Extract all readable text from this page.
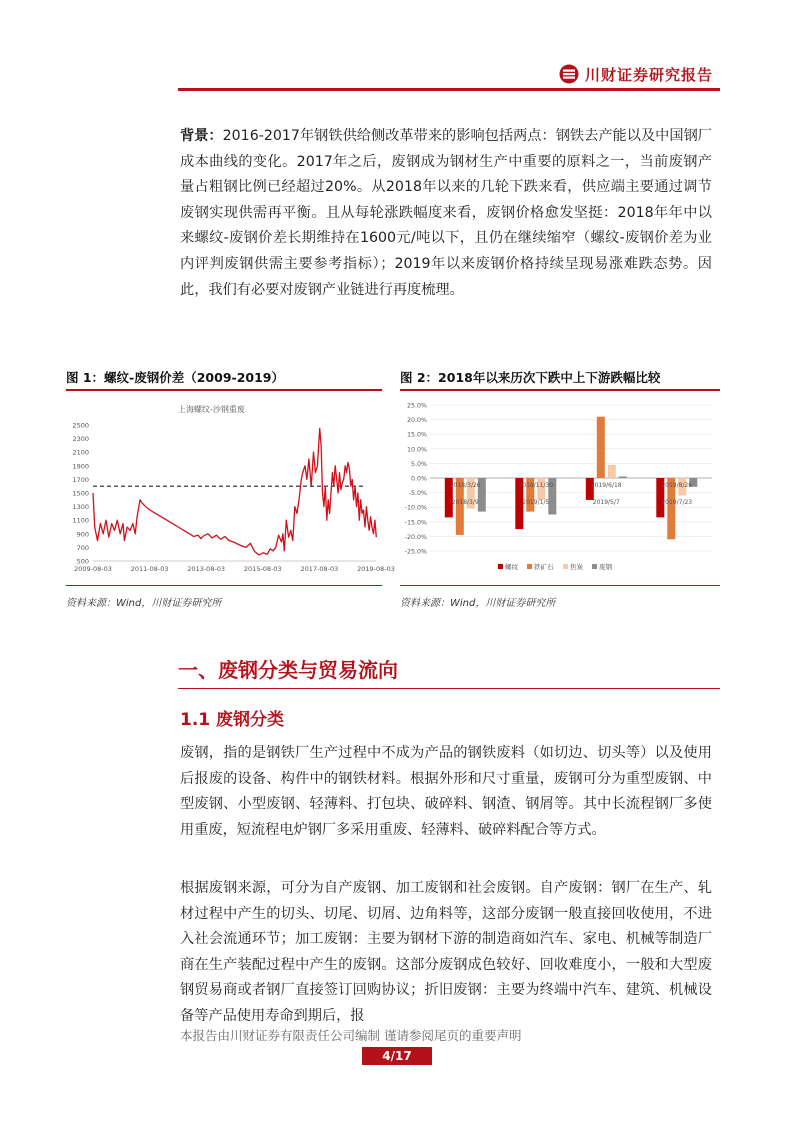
川财证券研究报告
背景：2016-2017年钢铁供给侧改革带来的影响包括两点：钢铁去产能以及中国钢厂成本曲线的变化。2017年之后，废钢成为钢材生产中重要的原料之一，当前废钢产量占粗钢比例已经超过20%。从2018年以来的几轮下跌来看，供应端主要通过调节废钢实现供需再平衡。且从每轮涨跌幅度来看，废钢价格愈发坚挺：2018年年中以来螺纹-废钢价差长期维持在1600元/吨以下，且仍在继续缩窄（螺纹-废钢价差为业内评判废钢供需主要参考指标）；2019年以来废钢价格持续呈现易涨难跌态势。因此，我们有必要对废钢产业链进行再度梳理。
图 1：螺纹-废钢价差（2009-2019）	图 2：2018年以来历次下跌中上下游跌幅比较
上海螺纹-沙钢重废
500
700
900
1100
1300
1500
1700
1900
2100
2300
2500
2009-08-03	2011-08-03	2013-08-03	2015-08-03	2017-08-03	2019-08-03
25.0%
20.0%
15.0%
10.0%
5.0%
0.0%
-5.0%
-10.0%
-15.0%
-20.0%
-25.0%
2018/3/26
2018/3/9
2018/11/30
2019/1/5
2019/6/18
2019/5/7
2019/8/26
2019/7/23
螺纹 铁矿石	焦炭 废钢
资料来源：Wind，川财证券研究所	资料来源：Wind，川财证券研究所
一、废钢分类与贸易流向
1.1 废钢分类
废钢，指的是钢铁厂生产过程中不成为产品的钢铁废料（如切边、切头等）以及使用后报废的设备、构件中的钢铁材料。根据外形和尺寸重量，废钢可分为重型废钢、中型废钢、小型废钢、轻薄料、打包块、破碎料、钢渣、钢屑等。其中长流程钢厂多使用重废，短流程电炉钢厂多采用重废、轻薄料、破碎料配合等方式。
根据废钢来源，可分为自产废钢、加工废钢和社会废钢。自产废钢：钢厂在生产、轧材过程中产生的切头、切尾、切屑、边角料等，这部分废钢一般直接回收使用，不进入社会流通环节；加工废钢：主要为钢材下游的制造商如汽车、家电、机械等制造厂商在生产装配过程中产生的废钢。这部分废钢成色较好、回收难度小，一般和大型废钢贸易商或者钢厂直接签订回购协议；折旧废钢：主要为终端中汽车、建筑、机械设备等产品使用寿命到期后，报
本报告由川财证券有限责任公司编制 谨请参阅尾页的重要声明
4/17
